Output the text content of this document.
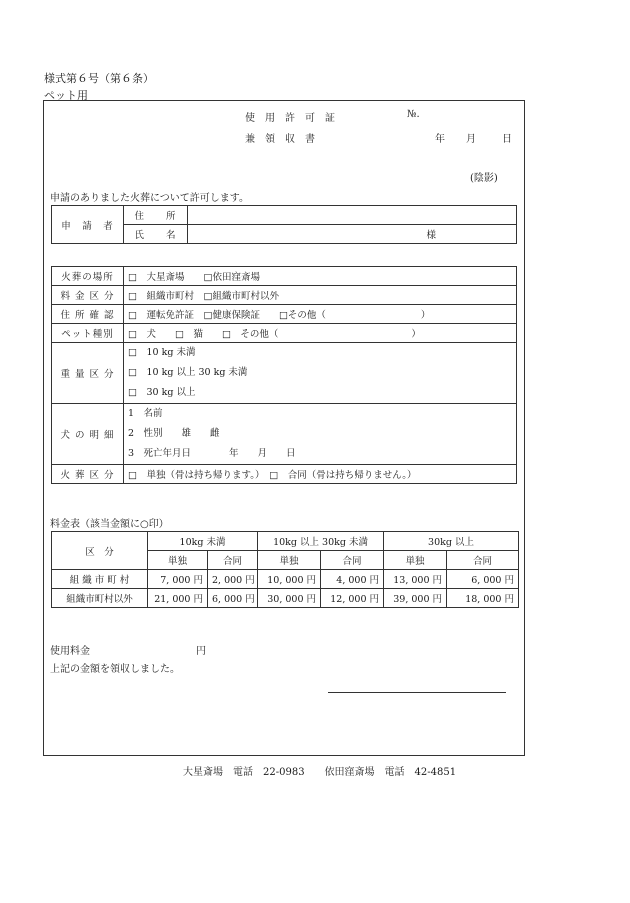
様式第６号（第６条）
ペット用
使　用　許　可　証	№.
兼　領　収　書	年 月	日
(陰影)
申請のありました火葬について許可します。
申　請　者	住　　所	
	氏　　名	様
火葬の場所	□　大星斎場　　□依田窪斎場
料 金 区 分	□　組織市町村　□組織市町村以外
住 所 確 認	□　運転免許証　□健康保険証　　□その他（　　　　　　　　　　）
ペット種別	□　犬　　□　猫　　□　その他（　　　　　　　　　　　　　　）
重 量 区 分	□　10 kg 未満
□　10 kg 以上 30 kg 未満
□　30 kg 以上

犬 の 明 細	1　名前
2　性別　　雄　　雌
3　死亡年月日　　　　年　　月　　日

火 葬 区 分	□　単独（骨は持ち帰ります。）　□　合同（骨は持ち帰りません。）
料金表（該当金額に○印）
区　分	10kg 未満		10kg 以上 30kg 未満		30kg 以上	
	単独	合同	単独	合同	単独	合同
組 織 市 町 村	7, 000 円	2, 000 円	10, 000 円	4, 000 円	13, 000 円	6, 000 円
組織市町村以外	21, 000 円	6, 000 円	30, 000 円	12, 000 円	39, 000 円	18, 000 円
使用料金	円
上記の金額を領収しました。
大星斎場　電話　22-0983　　依田窪斎場　電話　42-4851
